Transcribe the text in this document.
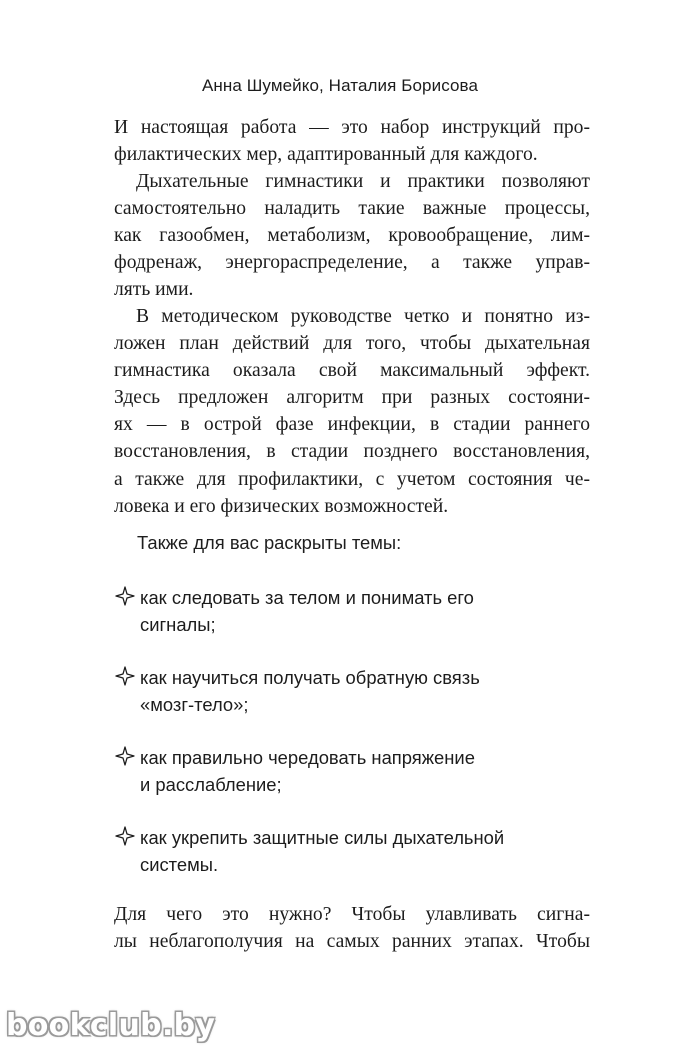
Анна Шумейко, Наталия Борисова
И настоящая работа — это набор инструкций про-
филактических мер, адаптированный для каждого.
Дыхательные гимнастики и практики позволяют
самостоятельно наладить такие важные процессы,
как газообмен, метаболизм, кровообращение, лим-
фодренаж, энергораспределение, а также управ-
лять ими.
В методическом руководстве четко и понятно из-
ложен план действий для того, чтобы дыхательная
гимнастика оказала свой максимальный эффект.
Здесь предложен алгоритм при разных состояни-
ях — в острой фазе инфекции, в стадии раннего
восстановления, в стадии позднего восстановления,
а также для профилактики, с учетом состояния че-
ловека и его физических возможностей.
Также для вас раскрыты темы:
как следовать за телом и понимать его
сигналы;
как научиться получать обратную связь
«мозг-тело»;
как правильно чередовать напряжение
и расслабление;
как укрепить защитные силы дыхательной
системы.
Для чего это нужно? Чтобы улавливать сигна-
лы неблагополучия на самых ранних этапах. Чтобы
bookclub.by
